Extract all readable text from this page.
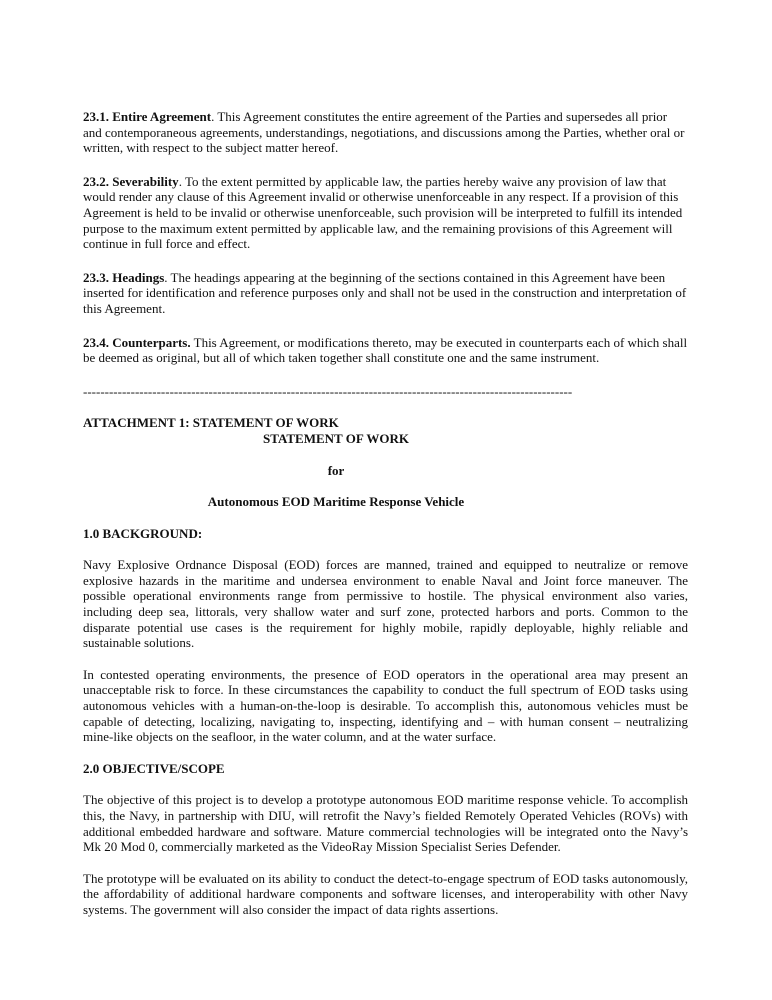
23.1. Entire Agreement. This Agreement constitutes the entire agreement of the Parties and supersedes all prior and contemporaneous agreements, understandings, negotiations, and discussions among the Parties, whether oral or written, with respect to the subject matter hereof.

23.2. Severability. To the extent permitted by applicable law, the parties hereby waive any provision of law that would render any clause of this Agreement invalid or otherwise unenforceable in any respect. If a provision of this Agreement is held to be invalid or otherwise unenforceable, such provision will be interpreted to fulfill its intended purpose to the maximum extent permitted by applicable law, and the remaining provisions of this Agreement will continue in full force and effect.

23.3. Headings. The headings appearing at the beginning of the sections contained in this Agreement have been inserted for identification and reference purposes only and shall not be used in the construction and interpretation of this Agreement.

23.4. Counterparts. This Agreement, or modifications thereto, may be executed in counterparts each of which shall be deemed as original, but all of which taken together shall constitute one and the same instrument.

-----------------------------------------------------------------------------------------------------------------
ATTACHMENT 1: STATEMENT OF WORK
STATEMENT OF WORK
for
Autonomous EOD Maritime Response Vehicle
1.0 BACKGROUND:

Navy Explosive Ordnance Disposal (EOD) forces are manned, trained and equipped to neutralize or remove explosive hazards in the maritime and undersea environment to enable Naval and Joint force maneuver. The possible operational environments range from permissive to hostile. The physical environment also varies, including deep sea, littorals, very shallow water and surf zone, protected harbors and ports. Common to the disparate potential use cases is the requirement for highly mobile, rapidly deployable, highly reliable and sustainable solutions.

In contested operating environments, the presence of EOD operators in the operational area may present an unacceptable risk to force. In these circumstances the capability to conduct the full spectrum of EOD tasks using autonomous vehicles with a human-on-the-loop is desirable. To accomplish this, autonomous vehicles must be capable of detecting, localizing, navigating to, inspecting, identifying and – with human consent – neutralizing mine-like objects on the seafloor, in the water column, and at the water surface.

2.0 OBJECTIVE/SCOPE

The objective of this project is to develop a prototype autonomous EOD maritime response vehicle. To accomplish this, the Navy, in partnership with DIU, will retrofit the Navy’s fielded Remotely Operated Vehicles (ROVs) with additional embedded hardware and software. Mature commercial technologies will be integrated onto the Navy’s Mk 20 Mod 0, commercially marketed as the VideoRay Mission Specialist Series Defender.

The prototype will be evaluated on its ability to conduct the detect-to-engage spectrum of EOD tasks autonomously, the affordability of additional hardware components and software licenses, and interoperability with other Navy systems. The government will also consider the impact of data rights assertions.
